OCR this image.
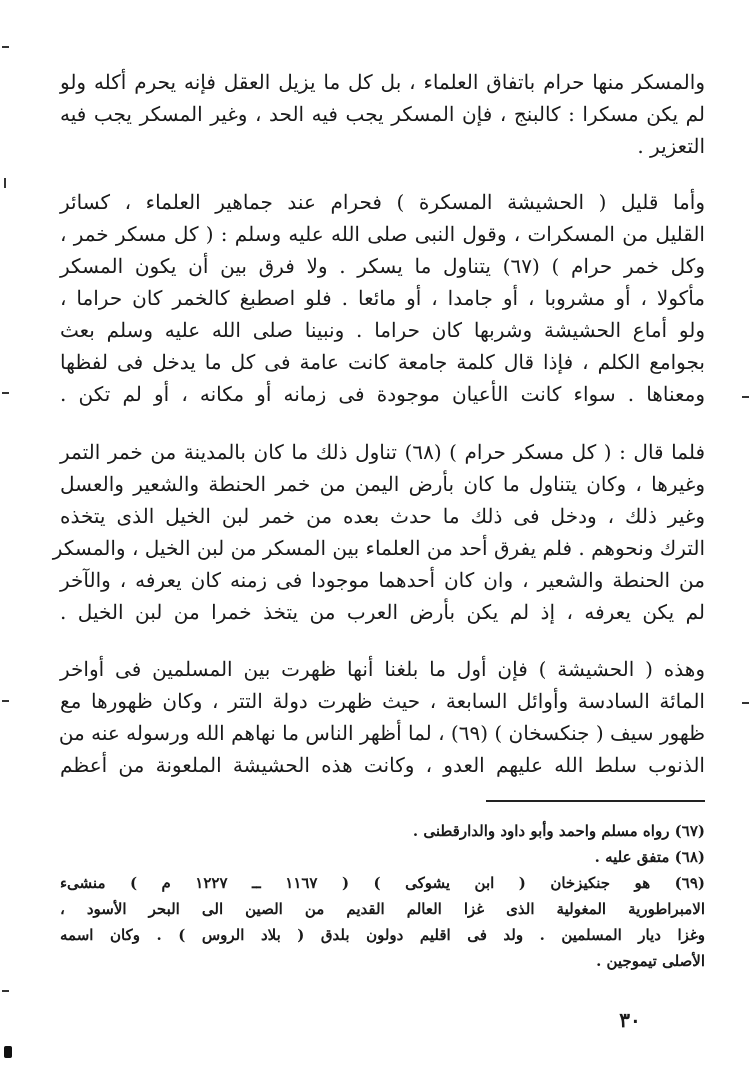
والمسكر منها حرام باتفاق العلماء ، بل كل ما يزيل العقل فإنه يحرم أكله ولو
لم يكن مسكرا : كالبنج ، فإن المسكر يجب فيه الحد ، وغير المسكر يجب فيه
التعزير .
وأما قليل ( الحشيشة المسكرة ) فحرام عند جماهير العلماء ، كسائر
القليل من المسكرات ، وقول النبى صلى الله عليه وسلم : ( كل مسكر خمر ،
وكل خمر حرام ) (٦٧) يتناول ما يسكر . ولا فرق بين أن يكون المسكر
مأكولا ، أو مشروبا ، أو جامدا ، أو مائعا . فلو اصطبغ كالخمر كان حراما ،
ولو أماع الحشيشة وشربها كان حراما . ونبينا صلى الله عليه وسلم بعث
بجوامع الكلم ، فإذا قال كلمة جامعة كانت عامة فى كل ما يدخل فى لفظها
ومعناها . سواء كانت الأعيان موجودة فى زمانه أو مكانه ، أو لم تكن .
فلما قال : ( كل مسكر حرام ) (٦٨) تناول ذلك ما كان بالمدينة من خمر التمر
وغيرها ، وكان يتناول ما كان بأرض اليمن من خمر الحنطة والشعير والعسل
وغير ذلك ، ودخل فى ذلك ما حدث بعده من خمر لبن الخيل الذى يتخذه
الترك ونحوهم . فلم يفرق أحد من العلماء بين المسكر من لبن الخيل ، والمسكر
من الحنطة والشعير ، وان كان أحدهما موجودا فى زمنه كان يعرفه ، والآخر
لم يكن يعرفه ، إذ لم يكن بأرض العرب من يتخذ خمرا من لبن الخيل .
وهذه ( الحشيشة ) فإن أول ما بلغنا أنها ظهرت بين المسلمين فى أواخر
المائة السادسة وأوائل السابعة ، حيث ظهرت دولة التتر ، وكان ظهورها مع
ظهور سيف ( جنكسخان ) (٦٩) ، لما أظهر الناس ما نهاهم الله ورسوله عنه من
الذنوب سلط الله عليهم العدو ، وكانت هذه الحشيشة الملعونة من أعظم
(٦٧) رواه مسلم واحمد وأبو داود والدارقطنى .
(٦٨) متفق عليه .
(٦٩) هو جنكيزخان ( ابن يشوكى ) ( ١١٦٧ ــ ١٢٢٧ م ) منشىء
الامبراطورية المغولية الذى غزا العالم القديم من الصين الى البحر الأسود ،
وغزا ديار المسلمين . ولد فى اقليم دولون بلدق ( بلاد الروس ) . وكان اسمه
الأصلى تيموجين .
٣٠
